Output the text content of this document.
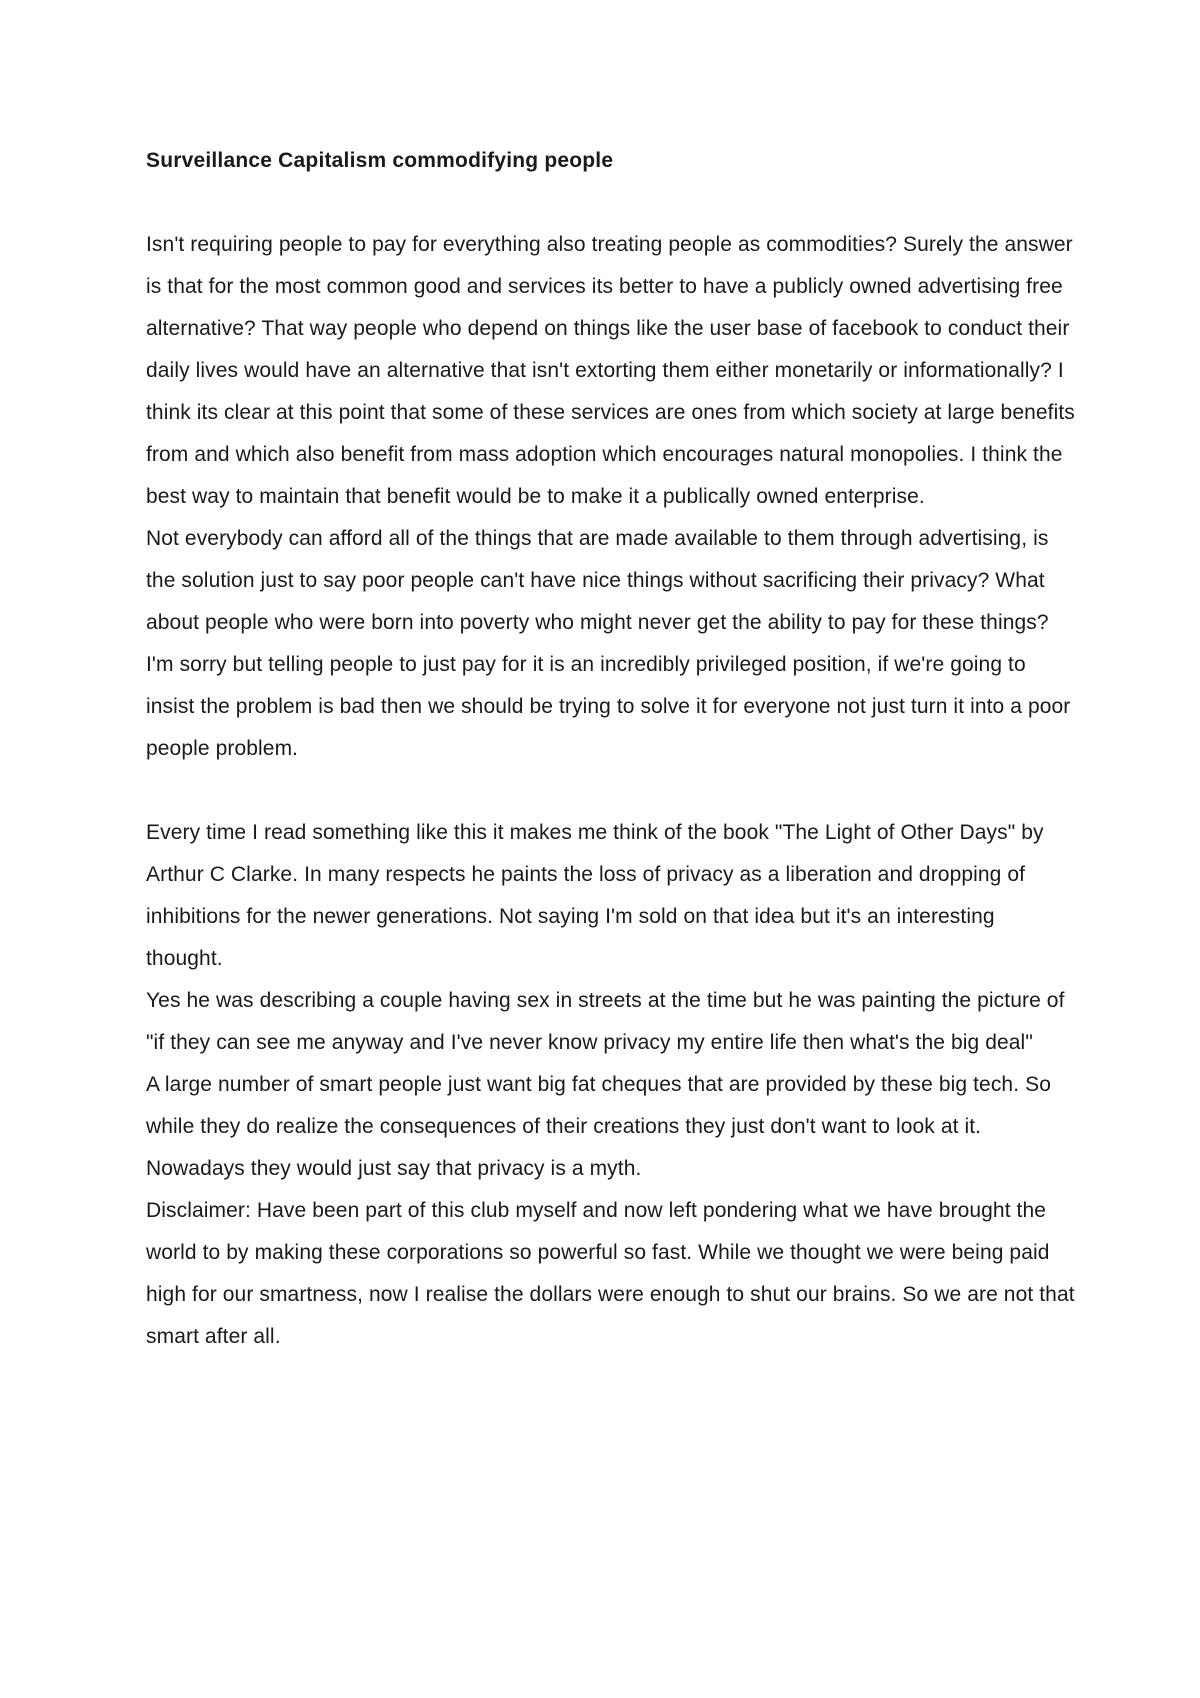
Surveillance Capitalism commodifying people

Isn't requiring people to pay for everything also treating people as commodities? Surely the answer is that for the most common good and services its better to have a publicly owned advertising free alternative? That way people who depend on things like the user base of facebook to conduct their daily lives would have an alternative that isn't extorting them either monetarily or informationally? I think its clear at this point that some of these services are ones from which society at large benefits from and which also benefit from mass adoption which encourages natural monopolies. I think the best way to maintain that benefit would be to make it a publically owned enterprise.

Not everybody can afford all of the things that are made available to them through advertising, is the solution just to say poor people can't have nice things without sacrificing their privacy? What about people who were born into poverty who might never get the ability to pay for these things? I'm sorry but telling people to just pay for it is an incredibly privileged position, if we're going to insist the problem is bad then we should be trying to solve it for everyone not just turn it into a poor people problem.

Every time I read something like this it makes me think of the book "The Light of Other Days" by Arthur C Clarke. In many respects he paints the loss of privacy as a liberation and dropping of inhibitions for the newer generations. Not saying I'm sold on that idea but it's an interesting thought.

Yes he was describing a couple having sex in streets at the time but he was painting the picture of "if they can see me anyway and I've never know privacy my entire life then what's the big deal"

A large number of smart people just want big fat cheques that are provided by these big tech. So while they do realize the consequences of their creations they just don't want to look at it. Nowadays they would just say that privacy is a myth.

Disclaimer: Have been part of this club myself and now left pondering what we have brought the world to by making these corporations so powerful so fast. While we thought we were being paid high for our smartness, now I realise the dollars were enough to shut our brains. So we are not that smart after all.
